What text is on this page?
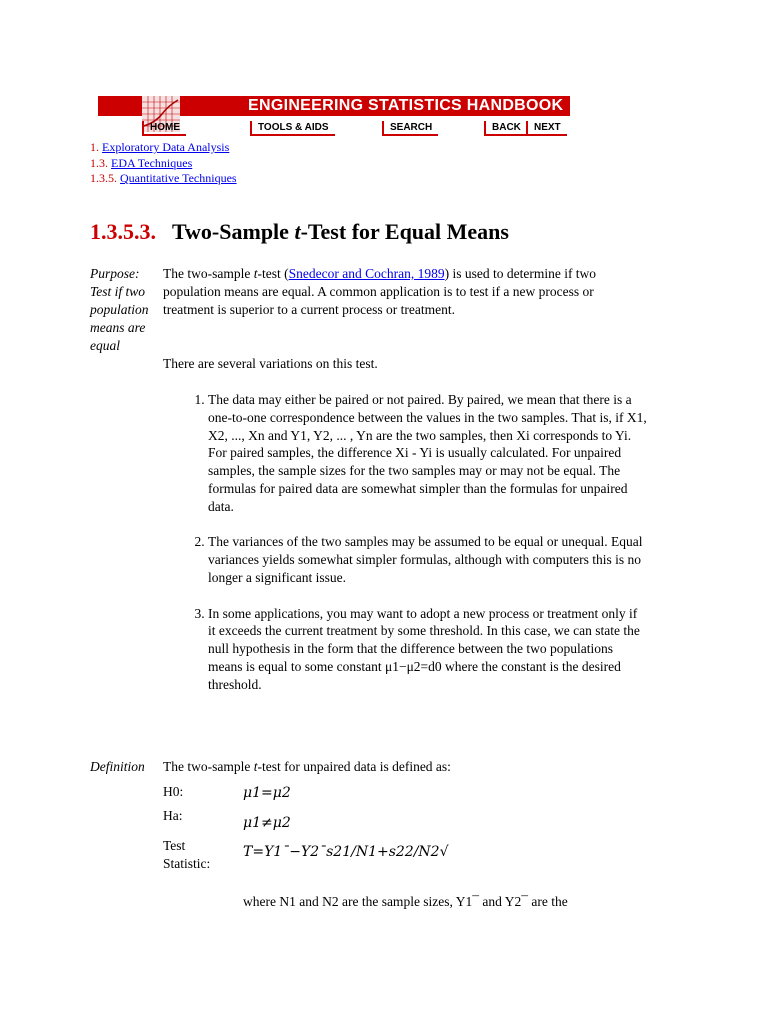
ENGINEERING STATISTICS HANDBOOK
HOME	TOOLS & AIDS	SEARCH	BACK	NEXT
1. Exploratory Data Analysis
1.3. EDA Techniques
1.3.5. Quantitative Techniques
1.3.5.3. Two-Sample t-Test for Equal Means
Purpose:
Test if two population means are equal
The two-sample t-test (Snedecor and Cochran, 1989) is used to determine if two population means are equal. A common application is to test if a new process or treatment is superior to a current process or treatment.
There are several variations on this test.
1. The data may either be paired or not paired. By paired, we mean that there is a one-to-one correspondence between the values in the two samples. That is, if X1, X2, ..., Xn and Y1, Y2, ... , Yn are the two samples, then Xi corresponds to Yi. For paired samples, the difference Xi - Yi is usually calculated. For unpaired samples, the sample sizes for the two samples may or may not be equal. The formulas for paired data are somewhat simpler than the formulas for unpaired data.
2. The variances of the two samples may be assumed to be equal or unequal. Equal variances yields somewhat simpler formulas, although with computers this is no longer a significant issue.
3. In some applications, you may want to adopt a new process or treatment only if it exceeds the current treatment by some threshold. In this case, we can state the null hypothesis in the form that the difference between the two populations means is equal to some constant μ1−μ2=d0 where the constant is the desired threshold.
Definition The two-sample t-test for unpaired data is defined as:
H0:	μ1=μ2
Ha:	μ1≠μ2
Test
Statistic:
T=Y1¯−Y2¯s21/N1+s22/N2√
where N1 and N2 are the sample sizes, Y1¯ and Y2¯ are the
